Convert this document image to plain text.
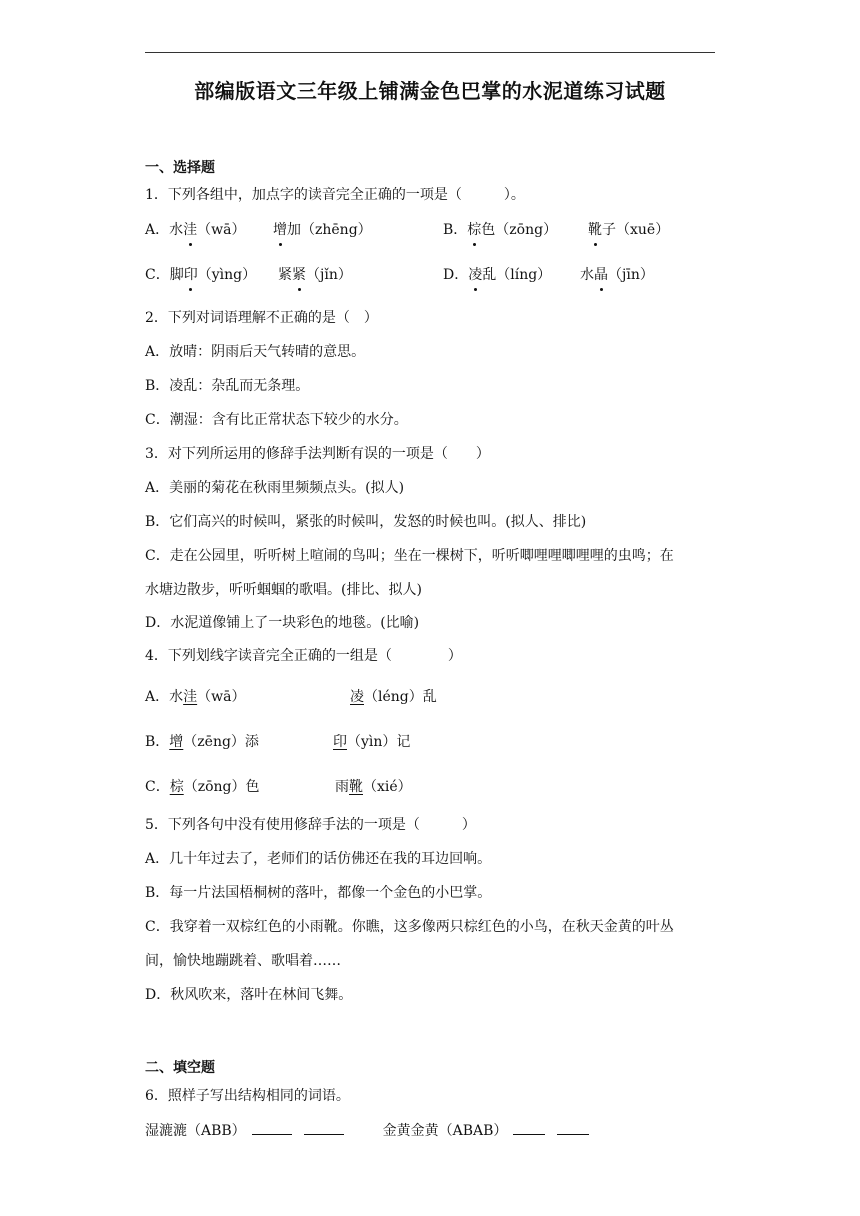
部编版语文三年级上铺满金色巴掌的水泥道练习试题
一、选择题
1．下列各组中，加点字的读音完全正确的一项是（　　　）。
A．水洼（wā） 增加（zhēng）	B．棕色（zōng） 靴子（xuē）
C．脚印（yìng） 紧紧（jǐn）	D．凌乱（líng） 水晶（jīn）
2．下列对词语理解不正确的是（　）
A．放晴：阴雨后天气转晴的意思。
B．凌乱：杂乱而无条理。
C．潮湿：含有比正常状态下较少的水分。
3．对下列所运用的修辞手法判断有误的一项是（　　）
A．美丽的菊花在秋雨里频频点头。(拟人)
B．它们高兴的时候叫，紧张的时候叫，发怒的时候也叫。(拟人、排比)
C．走在公园里，听听树上喧闹的鸟叫；坐在一棵树下，听听唧哩哩唧哩哩的虫鸣；在
水塘边散步，听听蝈蝈的歌唱。(排比、拟人)
D．水泥道像铺上了一块彩色的地毯。(比喻)
4．下列划线字读音完全正确的一组是（　　　　）
A．水洼（wā）	凌（léng）乱
B．增（zēng）添	印（yìn）记
C．棕（zōng）色	雨靴（xié）
5．下列各句中没有使用修辞手法的一项是（　　　）
A．几十年过去了，老师们的话仿佛还在我的耳边回响。
B．每一片法国梧桐树的落叶，都像一个金色的小巴掌。
C．我穿着一双棕红色的小雨靴。你瞧，这多像两只棕红色的小鸟，在秋天金黄的叶丛
间，愉快地蹦跳着、歌唱着……
D．秋风吹来，落叶在林间飞舞。
二、填空题
6．照样子写出结构相同的词语。
湿漉漉（ABB）	金黄金黄（ABAB）
